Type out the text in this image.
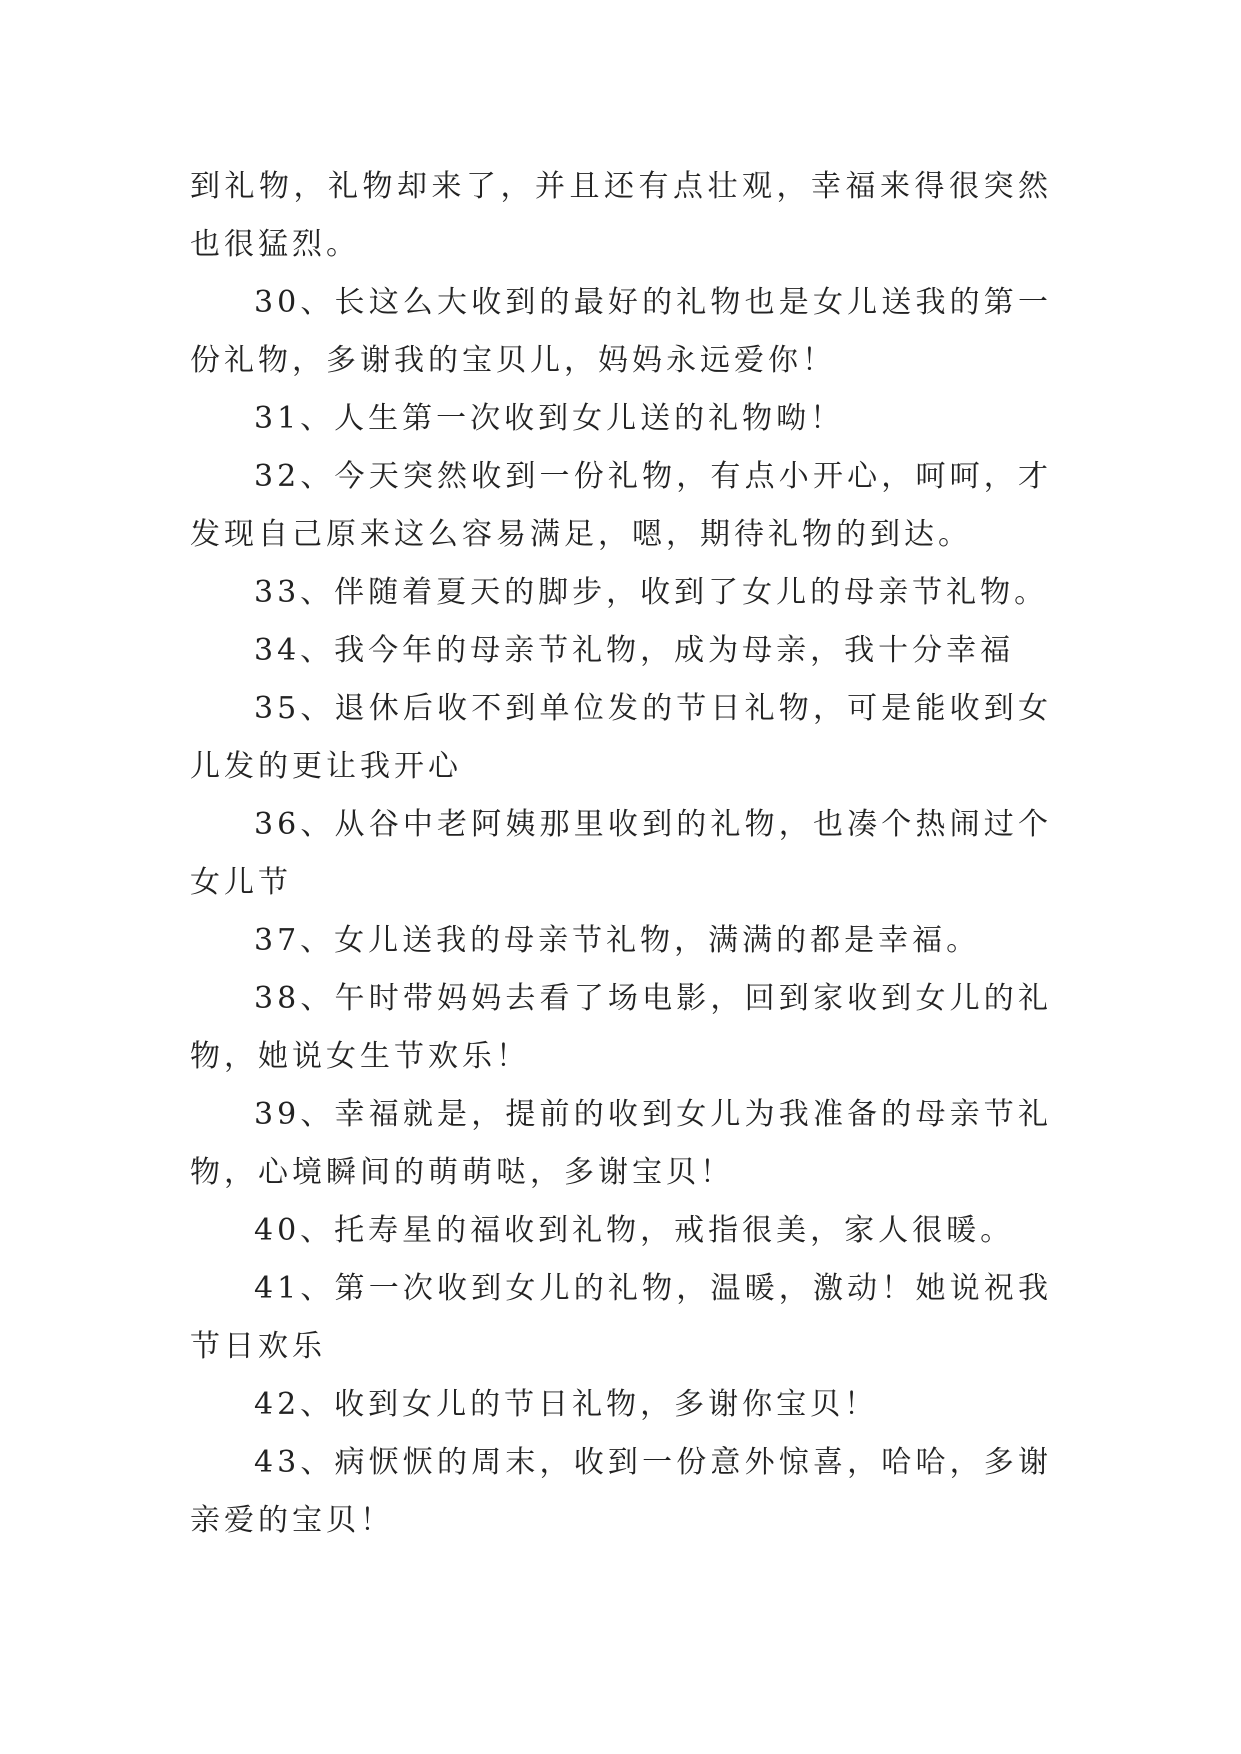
到礼物，礼物却来了，并且还有点壮观，幸福来得很突然也很猛烈。

30、长这么大收到的最好的礼物也是女儿送我的第一份礼物，多谢我的宝贝儿，妈妈永远爱你！

31、人生第一次收到女儿送的礼物呦！

32、今天突然收到一份礼物，有点小开心，呵呵，才发现自己原来这么容易满足，嗯，期待礼物的到达。

33、伴随着夏天的脚步，收到了女儿的母亲节礼物。

34、我今年的母亲节礼物，成为母亲，我十分幸福

35、退休后收不到单位发的节日礼物，可是能收到女儿发的更让我开心

36、从谷中老阿姨那里收到的礼物，也凑个热闹过个女儿节

37、女儿送我的母亲节礼物，满满的都是幸福。

38、午时带妈妈去看了场电影，回到家收到女儿的礼物，她说女生节欢乐！

39、幸福就是，提前的收到女儿为我准备的母亲节礼物，心境瞬间的萌萌哒，多谢宝贝！

40、托寿星的福收到礼物，戒指很美，家人很暖。

41、第一次收到女儿的礼物，温暖，激动！她说祝我节日欢乐

42、收到女儿的节日礼物，多谢你宝贝！

43、病恹恹的周末，收到一份意外惊喜，哈哈，多谢亲爱的宝贝！
